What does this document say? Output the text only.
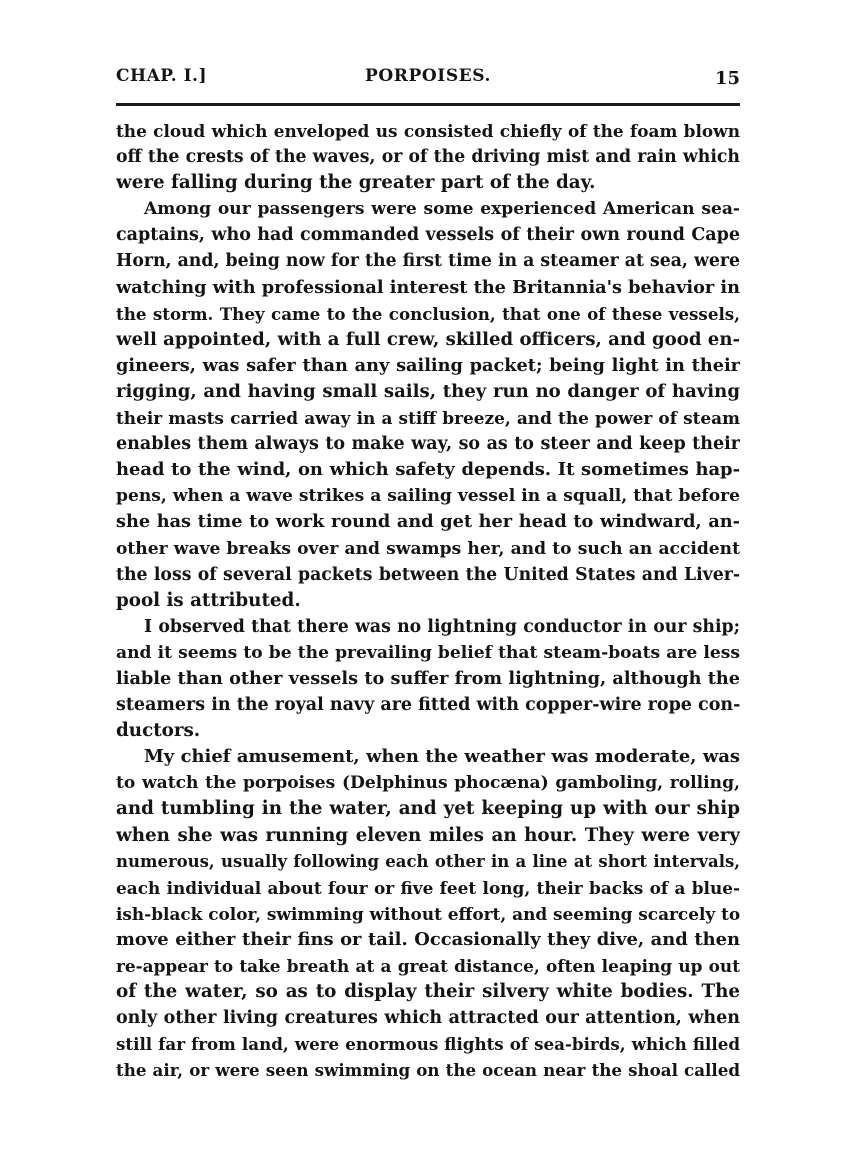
CHAP. I.]	PORPOISES.	15
the cloud which enveloped us consisted chiefly of the foam blown
off the crests of the waves, or of the driving mist and rain which
were falling during the greater part of the day.
Among our passengers were some experienced American sea-
captains, who had commanded vessels of their own round Cape
Horn, and, being now for the first time in a steamer at sea, were
watching with professional interest the Britannia's behavior in
the storm. They came to the conclusion, that one of these vessels,
well appointed, with a full crew, skilled officers, and good en-
gineers, was safer than any sailing packet; being light in their
rigging, and having small sails, they run no danger of having
their masts carried away in a stiff breeze, and the power of steam
enables them always to make way, so as to steer and keep their
head to the wind, on which safety depends. It sometimes hap-
pens, when a wave strikes a sailing vessel in a squall, that before
she has time to work round and get her head to windward, an-
other wave breaks over and swamps her, and to such an accident
the loss of several packets between the United States and Liver-
pool is attributed.
I observed that there was no lightning conductor in our ship;
and it seems to be the prevailing belief that steam-boats are less
liable than other vessels to suffer from lightning, although the
steamers in the royal navy are fitted with copper-wire rope con-
ductors.
My chief amusement, when the weather was moderate, was
to watch the porpoises (Delphinus phocæna) gamboling, rolling,
and tumbling in the water, and yet keeping up with our ship
when she was running eleven miles an hour. They were very
numerous, usually following each other in a line at short intervals,
each individual about four or five feet long, their backs of a blue-
ish-black color, swimming without effort, and seeming scarcely to
move either their fins or tail. Occasionally they dive, and then
re-appear to take breath at a great distance, often leaping up out
of the water, so as to display their silvery white bodies. The
only other living creatures which attracted our attention, when
still far from land, were enormous flights of sea-birds, which filled
the air, or were seen swimming on the ocean near the shoal called
